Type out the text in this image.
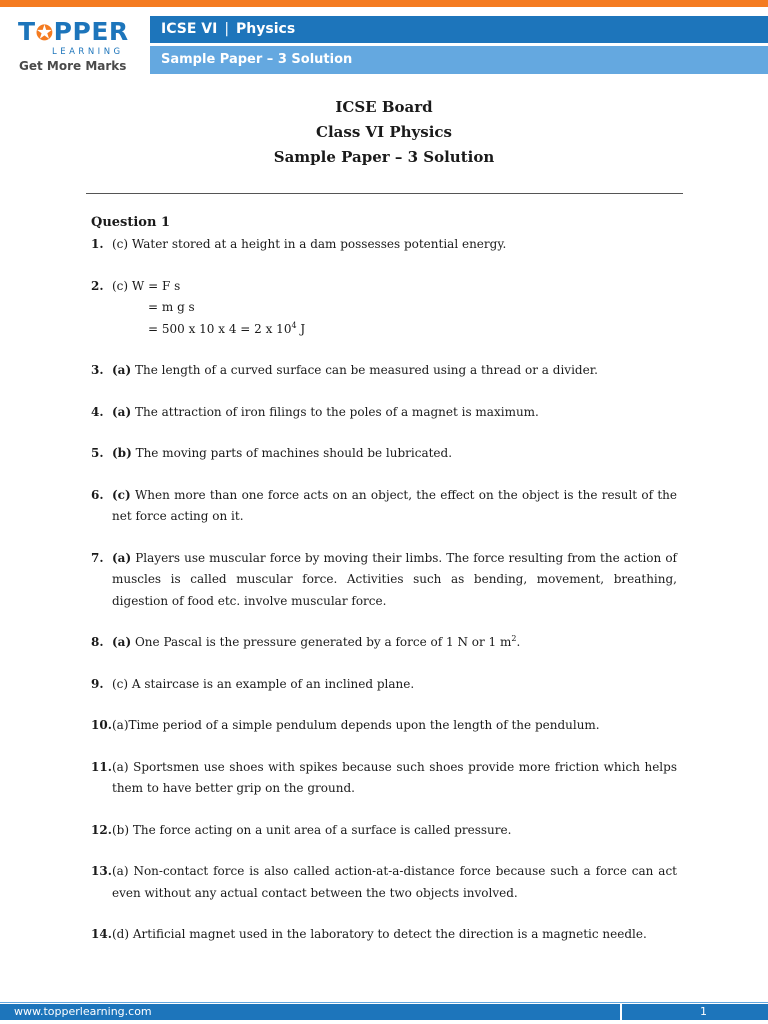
T✪PPER
LEARNING
Get More Marks
ICSE VI | Physics
Sample Paper – 3 Solution
ICSE Board
Class VI Physics
Sample Paper – 3 Solution
Question 1
1. (c) Water stored at a height in a dam possesses potential energy.
2. (c) W = F s
= m g s
= 500 x 10 x 4 = 2 x $10^4$ J
3. (a) The length of a curved surface can be measured using a thread or a divider.
4. (a) The attraction of iron filings to the poles of a magnet is maximum.
5. (b) The moving parts of machines should be lubricated.
6. (c) When more than one force acts on an object, the effect on the object is the result of the net force acting on it.
7. (a) Players use muscular force by moving their limbs. The force resulting from the action of muscles is called muscular force. Activities such as bending, movement, breathing, digestion of food etc. involve muscular force.
8. (a) One Pascal is the pressure generated by a force of 1 N or 1 $m^2$.
9. (c) A staircase is an example of an inclined plane.
10. (a)Time period of a simple pendulum depends upon the length of the pendulum.
11. (a) Sportsmen use shoes with spikes because such shoes provide more friction which helps them to have better grip on the ground.
12. (b) The force acting on a unit area of a surface is called pressure.
13. (a) Non-contact force is also called action-at-a-distance force because such a force can act even without any actual contact between the two objects involved.
14. (d) Artificial magnet used in the laboratory to detect the direction is a magnetic needle.
www.topperlearning.com	1
